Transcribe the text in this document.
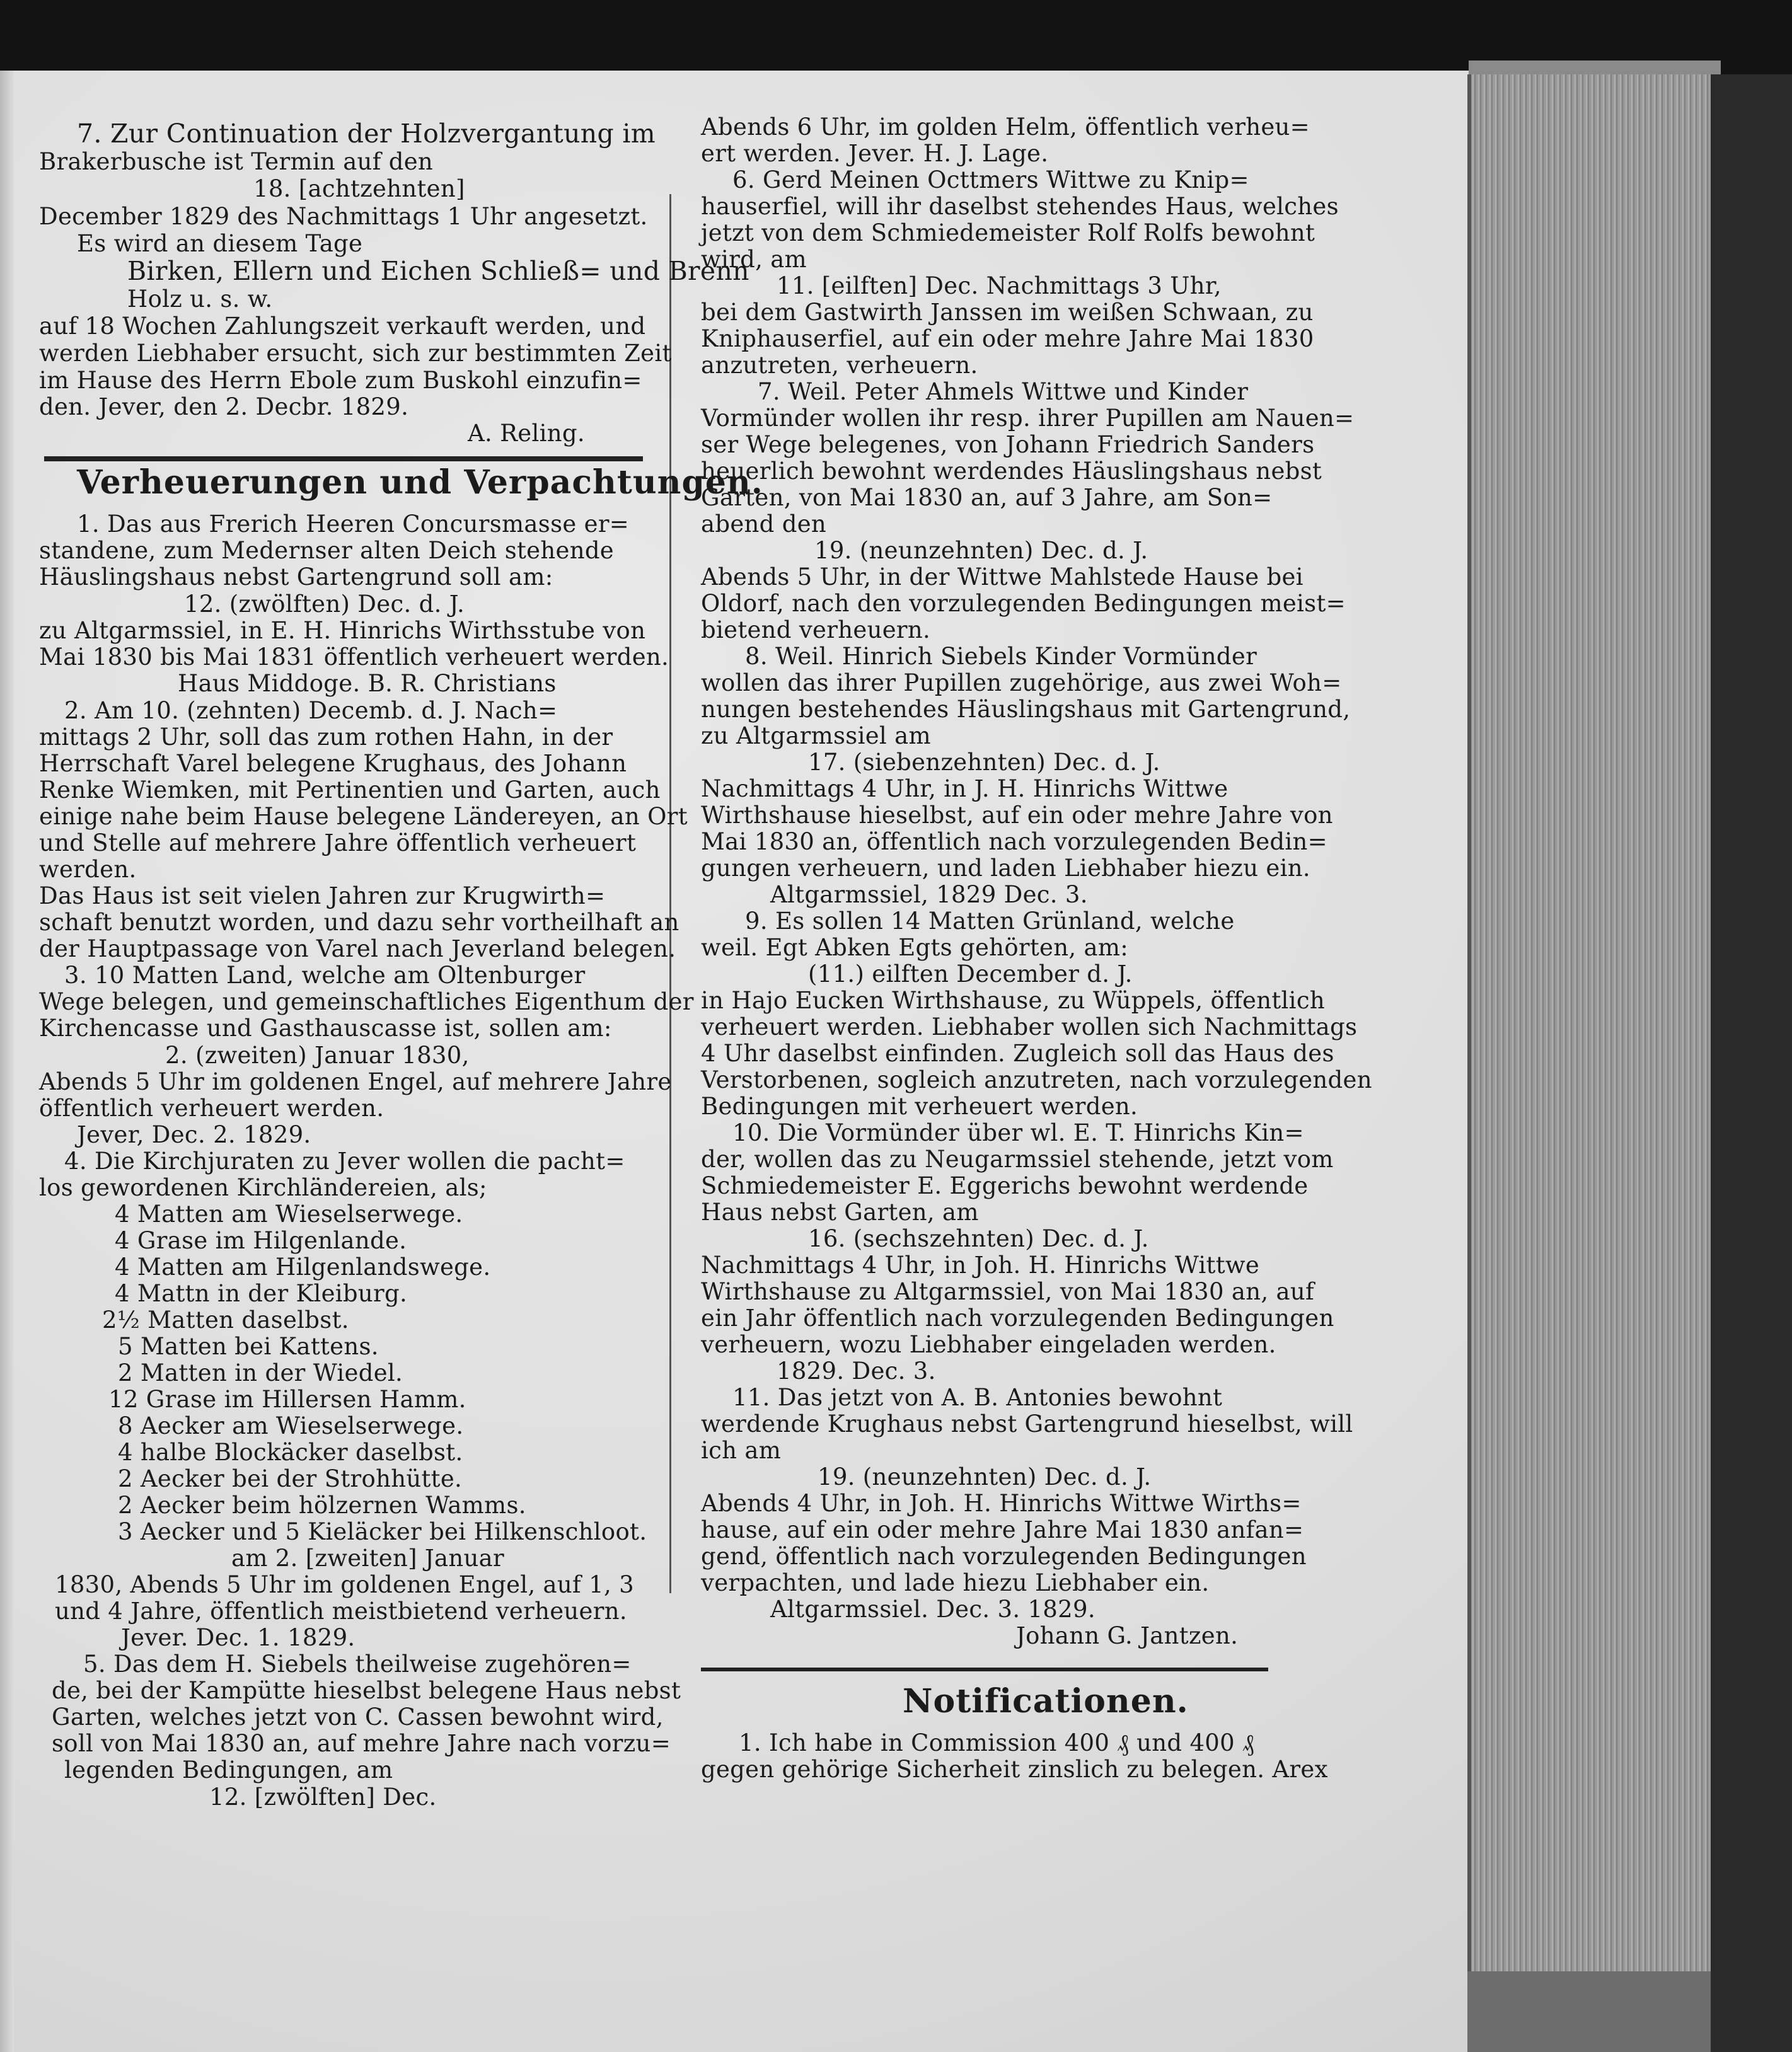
7. Zur Continuation der Holzvergantung im
Brakerbusche ist Termin auf den
18. [achtzehnten]
December 1829 des Nachmittags 1 Uhr angesetzt.
Es wird an diesem Tage
Birken, Ellern und Eichen Schließ= und Brenn
Holz u. s. w.
auf 18 Wochen Zahlungszeit verkauft werden, und
werden Liebhaber ersucht, sich zur bestimmten Zeit
im Hause des Herrn Ebole zum Buskohl einzufin=
den. Jever, den 2. Decbr. 1829.
A. Reling.
Verheuerungen und Verpachtungen.
1. Das aus Frerich Heeren Concursmasse er=
standene, zum Medernser alten Deich stehende
Häuslingshaus nebst Gartengrund soll am:
12. (zwölften) Dec. d. J.
zu Altgarmssiel, in E. H. Hinrichs Wirthsstube von
Mai 1830 bis Mai 1831 öffentlich verheuert werden.
Haus Middoge. B. R. Christians
2. Am 10. (zehnten) Decemb. d. J. Nach=
mittags 2 Uhr, soll das zum rothen Hahn, in der
Herrschaft Varel belegene Krughaus, des Johann
Renke Wiemken, mit Pertinentien und Garten, auch
einige nahe beim Hause belegene Ländereyen, an Ort
und Stelle auf mehrere Jahre öffentlich verheuert
werden.
Das Haus ist seit vielen Jahren zur Krugwirth=
schaft benutzt worden, und dazu sehr vortheilhaft an
der Hauptpassage von Varel nach Jeverland belegen.
3. 10 Matten Land, welche am Oltenburger
Wege belegen, und gemeinschaftliches Eigenthum der
Kirchencasse und Gasthauscasse ist, sollen am:
2. (zweiten) Januar 1830,
Abends 5 Uhr im goldenen Engel, auf mehrere Jahre
öffentlich verheuert werden.
Jever, Dec. 2. 1829.
4. Die Kirchjuraten zu Jever wollen die pacht=
los gewordenen Kirchländereien, als;
4 Matten am Wieselserwege.
4 Grase im Hilgenlande.
4 Matten am Hilgenlandswege.
4 Mattn in der Kleiburg.
2½ Matten daselbst.
5 Matten bei Kattens.
2 Matten in der Wiedel.
12 Grase im Hillersen Hamm.
8 Aecker am Wieselserwege.
4 halbe Blockäcker daselbst.
2 Aecker bei der Strohhütte.
2 Aecker beim hölzernen Wamms.
3 Aecker und 5 Kieläcker bei Hilkenschloot.
am 2. [zweiten] Januar
1830, Abends 5 Uhr im goldenen Engel, auf 1, 3
und 4 Jahre, öffentlich meistbietend verheuern.
Jever. Dec. 1. 1829.
5. Das dem H. Siebels theilweise zugehören=
de, bei der Kampütte hieselbst belegene Haus nebst
Garten, welches jetzt von C. Cassen bewohnt wird,
soll von Mai 1830 an, auf mehre Jahre nach vorzu=
legenden Bedingungen, am
12. [zwölften] Dec.
Abends 6 Uhr, im golden Helm, öffentlich verheu=
ert werden. Jever. H. J. Lage.
6. Gerd Meinen Octtmers Wittwe zu Knip=
hauserfiel, will ihr daselbst stehendes Haus, welches
jetzt von dem Schmiedemeister Rolf Rolfs bewohnt
wird, am
11. [eilften] Dec. Nachmittags 3 Uhr,
bei dem Gastwirth Janssen im weißen Schwaan, zu
Kniphauserfiel, auf ein oder mehre Jahre Mai 1830
anzutreten, verheuern.
7. Weil. Peter Ahmels Wittwe und Kinder
Vormünder wollen ihr resp. ihrer Pupillen am Nauen=
ser Wege belegenes, von Johann Friedrich Sanders
heuerlich bewohnt werdendes Häuslingshaus nebst
Garten, von Mai 1830 an, auf 3 Jahre, am Son=
abend den
19. (neunzehnten) Dec. d. J.
Abends 5 Uhr, in der Wittwe Mahlstede Hause bei
Oldorf, nach den vorzulegenden Bedingungen meist=
bietend verheuern.
8. Weil. Hinrich Siebels Kinder Vormünder
wollen das ihrer Pupillen zugehörige, aus zwei Woh=
nungen bestehendes Häuslingshaus mit Gartengrund,
zu Altgarmssiel am
17. (siebenzehnten) Dec. d. J.
Nachmittags 4 Uhr, in J. H. Hinrichs Wittwe
Wirthshause hieselbst, auf ein oder mehre Jahre von
Mai 1830 an, öffentlich nach vorzulegenden Bedin=
gungen verheuern, und laden Liebhaber hiezu ein.
Altgarmssiel, 1829 Dec. 3.
9. Es sollen 14 Matten Grünland, welche
weil. Egt Abken Egts gehörten, am:
(11.) eilften December d. J.
in Hajo Eucken Wirthshause, zu Wüppels, öffentlich
verheuert werden. Liebhaber wollen sich Nachmittags
4 Uhr daselbst einfinden. Zugleich soll das Haus des
Verstorbenen, sogleich anzutreten, nach vorzulegenden
Bedingungen mit verheuert werden.
10. Die Vormünder über wl. E. T. Hinrichs Kin=
der, wollen das zu Neugarmssiel stehende, jetzt vom
Schmiedemeister E. Eggerichs bewohnt werdende
Haus nebst Garten, am
16. (sechszehnten) Dec. d. J.
Nachmittags 4 Uhr, in Joh. H. Hinrichs Wittwe
Wirthshause zu Altgarmssiel, von Mai 1830 an, auf
ein Jahr öffentlich nach vorzulegenden Bedingungen
verheuern, wozu Liebhaber eingeladen werden.
1829. Dec. 3.
11. Das jetzt von A. B. Antonies bewohnt
werdende Krughaus nebst Gartengrund hieselbst, will
ich am
19. (neunzehnten) Dec. d. J.
Abends 4 Uhr, in Joh. H. Hinrichs Wittwe Wirths=
hause, auf ein oder mehre Jahre Mai 1830 anfan=
gend, öffentlich nach vorzulegenden Bedingungen
verpachten, und lade hiezu Liebhaber ein.
Altgarmssiel. Dec. 3. 1829.
Johann G. Jantzen.
Notificationen.
1. Ich habe in Commission 400 ₰ und 400 ₰
gegen gehörige Sicherheit zinslich zu belegen. Arex
